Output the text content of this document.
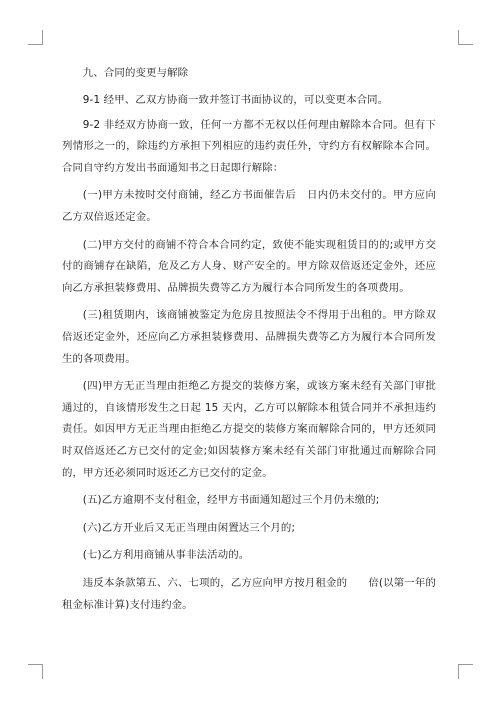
九、合同的变更与解除

9-1 经甲、乙双方协商一致并签订书面协议的，可以变更本合同。

9-2 非经双方协商一致，任何一方都不无权以任何理由解除本合同。但有下列情形之一的，除违约方承担下列相应的违约责任外，守约方有权解除本合同。合同自守约方发出书面通知书之日起即行解除：

(一)甲方未按时交付商铺，经乙方书面催告后　日内仍未交付的。甲方应向乙方双倍返还定金。

(二)甲方交付的商铺不符合本合同约定，致使不能实现租赁目的的;或甲方交付的商铺存在缺陷，危及乙方人身、财产安全的。甲方除双倍返还定金外，还应向乙方承担装修费用、品牌损失费等乙方为履行本合同所发生的各项费用。

(三)租赁期内，该商铺被鉴定为危房且按照法令不得用于出租的。甲方除双倍返还定金外，还应向乙方承担装修费用、品牌损失费等乙方为履行本合同所发生的各项费用。

(四)甲方无正当理由拒绝乙方提交的装修方案，或该方案未经有关部门审批通过的，自该情形发生之日起 15 天内，乙方可以解除本租赁合同并不承担违约责任。如因甲方无正当理由拒绝乙方提交的装修方案而解除合同的，甲方还须同时双倍返还乙方已交付的定金;如因装修方案未经有关部门审批通过而解除合同的，甲方还必须同时返还乙方已交付的定金。

(五)乙方逾期不支付租金，经甲方书面通知超过三个月仍未缴的;

(六)乙方开业后又无正当理由闲置达三个月的;

(七)乙方利用商铺从事非法活动的。

违反本条款第五、六、七项的，乙方应向甲方按月租金的　　倍(以第一年的租金标准计算)支付违约金。
